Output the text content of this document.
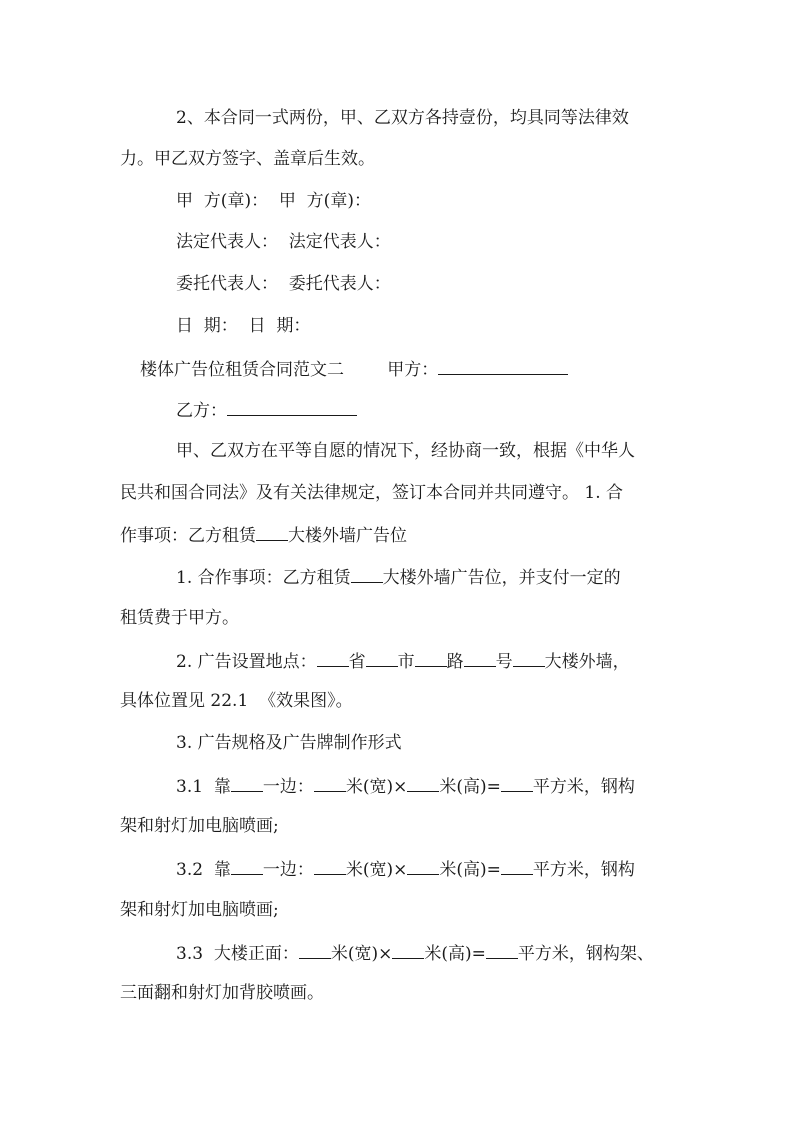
2、本合同一式两份，甲、乙双方各持壹份，均具同等法律效
力。甲乙双方签字、盖章后生效。
甲  方(章)：  甲  方(章)：
法定代表人：  法定代表人：
委托代表人：  委托代表人：
日  期：  日  期：
楼体广告位租赁合同范文二	甲方：
乙方：
甲、乙双方在平等自愿的情况下，经协商一致，根据《中华人
民共和国合同法》及有关法律规定，签订本合同并共同遵守。 1. 合
作事项：乙方租赁 大楼外墙广告位
1. 合作事项：乙方租赁 大楼外墙广告位，并支付一定的
租赁费于甲方。
2. 广告设置地点： 省 市 路 号 大楼外墙，
具体位置见 22.1  《效果图》。
3. 广告规格及广告牌制作形式
3.1  靠 一边： 米(宽)× 米(高)= 平方米，钢构
架和射灯加电脑喷画;
3.2  靠 一边： 米(宽)× 米(高)= 平方米，钢构
架和射灯加电脑喷画;
3.3  大楼正面： 米(宽)× 米(高)= 平方米，钢构架、
三面翻和射灯加背胶喷画。
